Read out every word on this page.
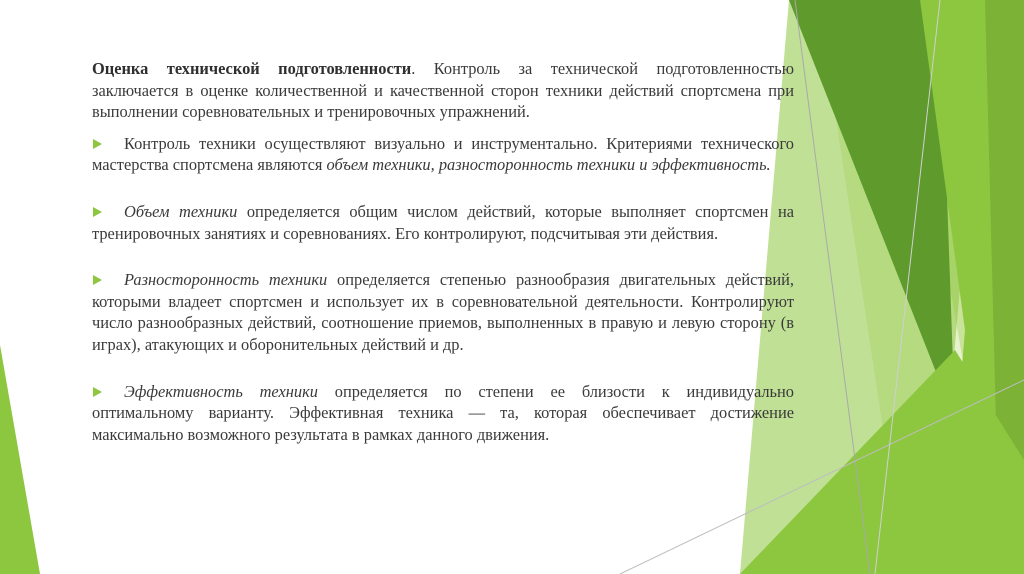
Оценка технической подготовленности. Контроль за технической подготовленностью заключается в оценке количественной и качественной сторон техники действий спортсмена при выполнении соревновательных и тренировочных упражнений.

Контроль техники осуществляют визуально и инструментально. Критериями технического мастерства спортсмена являются объем техники, разносторонность техники и эффективность.

Объем техники определяется общим числом действий, которые выполняет спортсмен на тренировочных занятиях и соревнованиях. Его контролируют, подсчитывая эти действия.

Разносторонность техники определяется степенью разнообразия двигательных действий, которыми владеет спортсмен и использует их в соревновательной деятельности. Контролируют число разнообразных действий, соотношение приемов, выполненных в правую и левую сторону (в играх), атакующих и оборонительных действий и др.

Эффективность техники определяется по степени ее близости к индивидуально оптимальному варианту. Эффективная техника — та, которая обеспечивает достижение максимально возможного результата в рамках данного движения.
